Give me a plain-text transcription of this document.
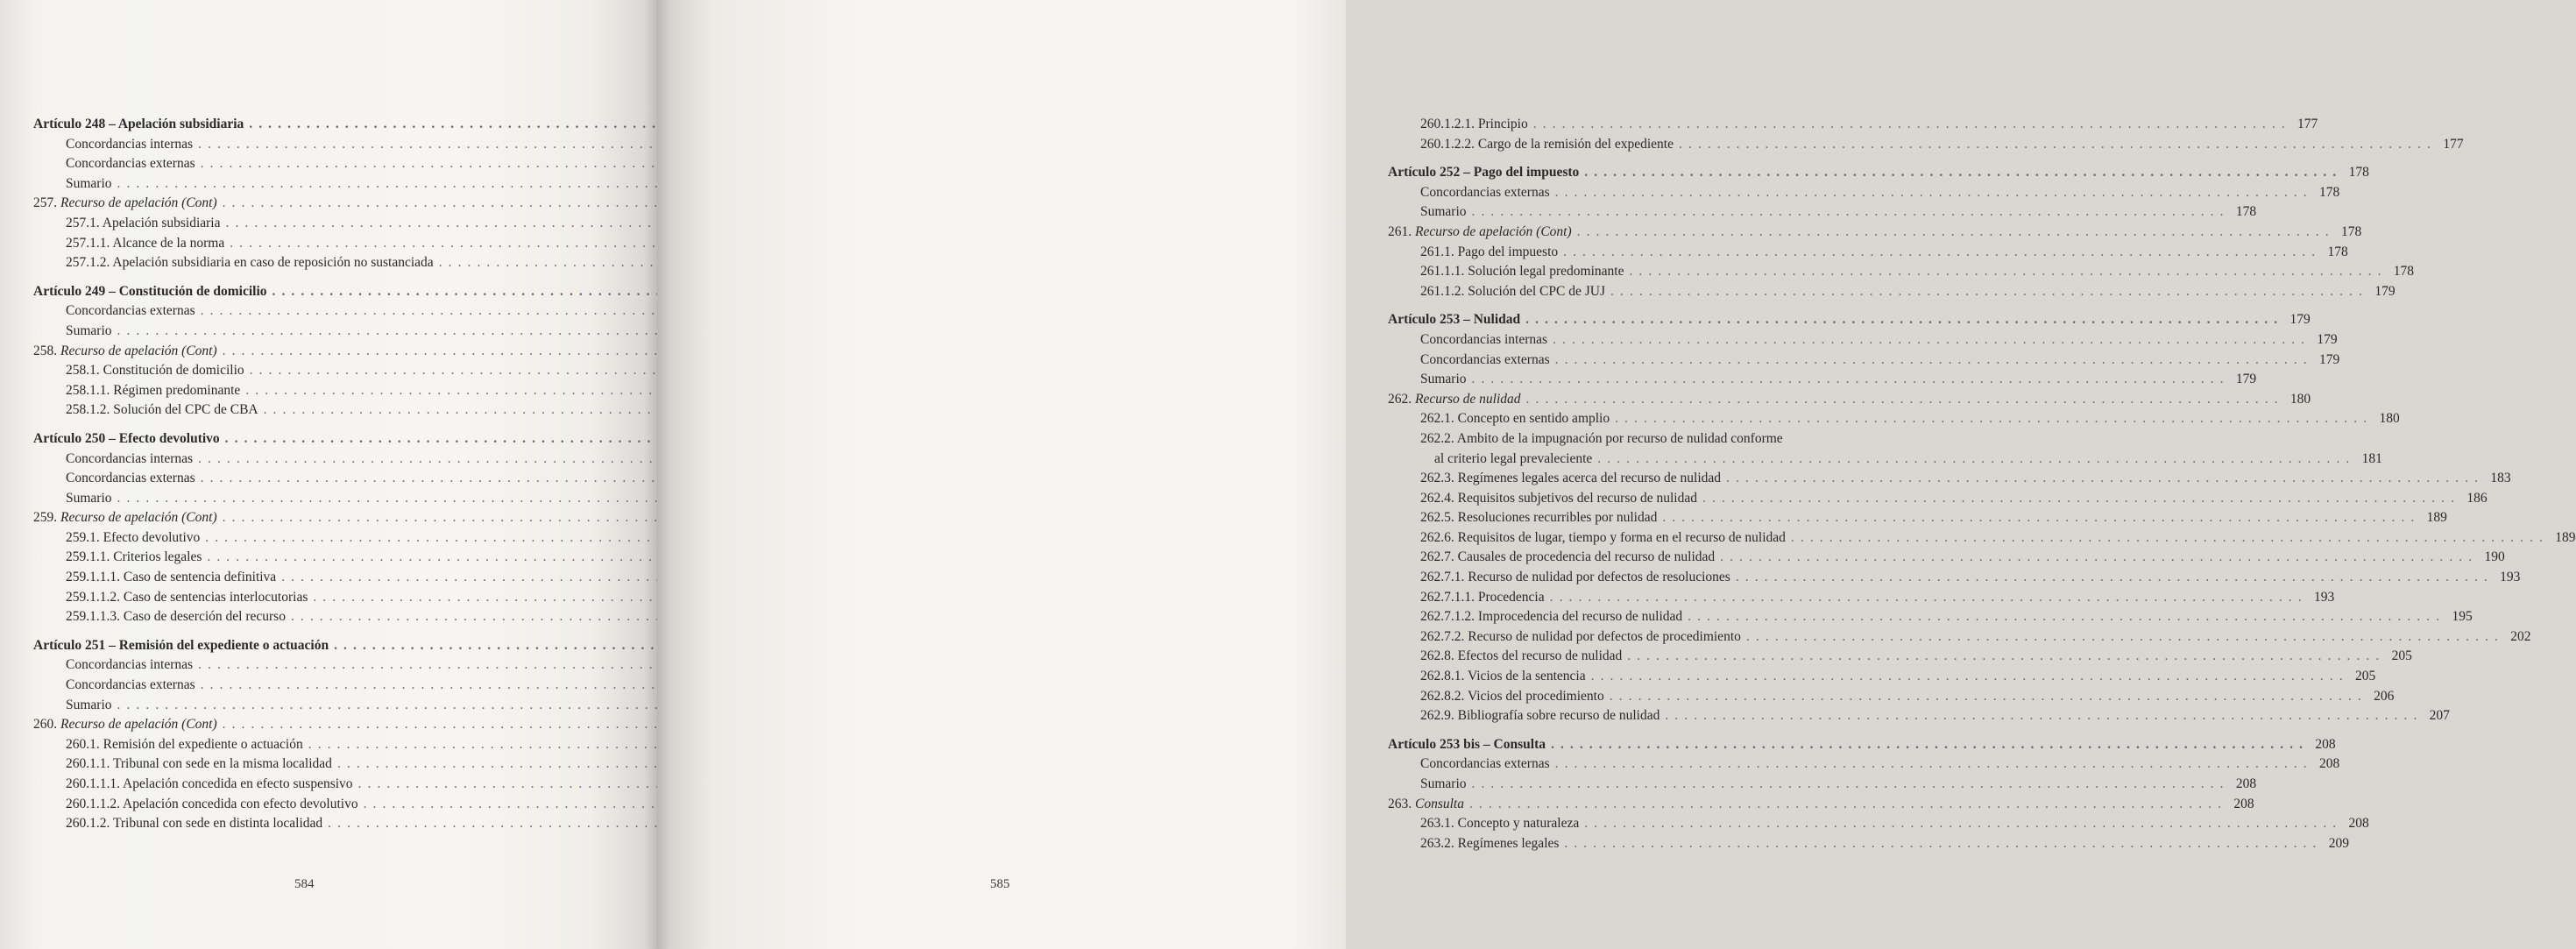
Artículo 248 – Apelación subsidiaria
. . .
Concordancias internas
. . .
Concordancias externas
. . .
Sumario
. . .
257. Recurso de apelación (Cont)
. . .
257.1. Apelación subsidiaria
. . .
257.1.1. Alcance de la norma
. . .
257.1.2. Apelación subsidiaria en caso de reposición no sustanciada
. . .
Artículo 249 – Constitución de domicilio
. . .
Concordancias externas
. . .
Sumario
. . .
258. Recurso de apelación (Cont)
. . .
258.1. Constitución de domicilio
. . .
258.1.1. Régimen predominante
. . .
258.1.2. Solución del CPC de CBA
. . .
Artículo 250 – Efecto devolutivo
. . .
Concordancias internas
. . .
Concordancias externas
. . .
Sumario
. . .
259. Recurso de apelación (Cont)
. . .
259.1. Efecto devolutivo
. . .
259.1.1. Criterios legales
. . .
259.1.1.1. Caso de sentencia definitiva
. . .
259.1.1.2. Caso de sentencias interlocutorias
. . .
259.1.1.3. Caso de deserción del recurso
. . .
Artículo 251 – Remisión del expediente o actuación
. . .
Concordancias internas
. . .
Concordancias externas
. . .
Sumario
. . .
260. Recurso de apelación (Cont)
. . .
260.1. Remisión del expediente o actuación
. . .
260.1.1. Tribunal con sede en la misma localidad
. . .
260.1.1.1. Apelación concedida en efecto suspensivo
. . .
260.1.1.2. Apelación concedida con efecto devolutivo
. . .
260.1.2. Tribunal con sede en distinta localidad
. . .
584
260.1.2.1. Principio . . .	177
260.1.2.2. Cargo de la remisión del expediente . . .	177
Artículo 252 – Pago del impuesto . . .	178
Concordancias externas . . .	178
Sumario . . .	178
261. Recurso de apelación (Cont) . . .	178
261.1. Pago del impuesto . . .	178
261.1.1. Solución legal predominante . . .	178
261.1.2. Solución del CPC de JUJ . . .	179
Artículo 253 – Nulidad . . .	179
Concordancias internas . . .	179
Concordancias externas . . .	179
Sumario . . .	179
262. Recurso de nulidad . . .	180
262.1. Concepto en sentido amplio . . .	180
262.2. Ambito de la impugnación por recurso de nulidad conforme
al criterio legal prevaleciente . . .	181
262.3. Regímenes legales acerca del recurso de nulidad . . .	183
262.4. Requisitos subjetivos del recurso de nulidad . . .	186
262.5. Resoluciones recurribles por nulidad . . .	189
262.6. Requisitos de lugar, tiempo y forma en el recurso de nulidad . . .	189
262.7. Causales de procedencia del recurso de nulidad . . .	190
262.7.1. Recurso de nulidad por defectos de resoluciones . . .	193
262.7.1.1. Procedencia . . .	193
262.7.1.2. Improcedencia del recurso de nulidad . . .	195
262.7.2. Recurso de nulidad por defectos de procedimiento . . .	202
262.8. Efectos del recurso de nulidad . . .	205
262.8.1. Vicios de la sentencia . . .	205
262.8.2. Vicios del procedimiento . . .	206
262.9. Bibliografía sobre recurso de nulidad . . .	207
Artículo 253 bis – Consulta . . .	208
Concordancias externas . . .	208
Sumario . . .	208
263. Consulta . . .	208
263.1. Concepto y naturaleza . . .	208
263.2. Regímenes legales . . .	209
585
